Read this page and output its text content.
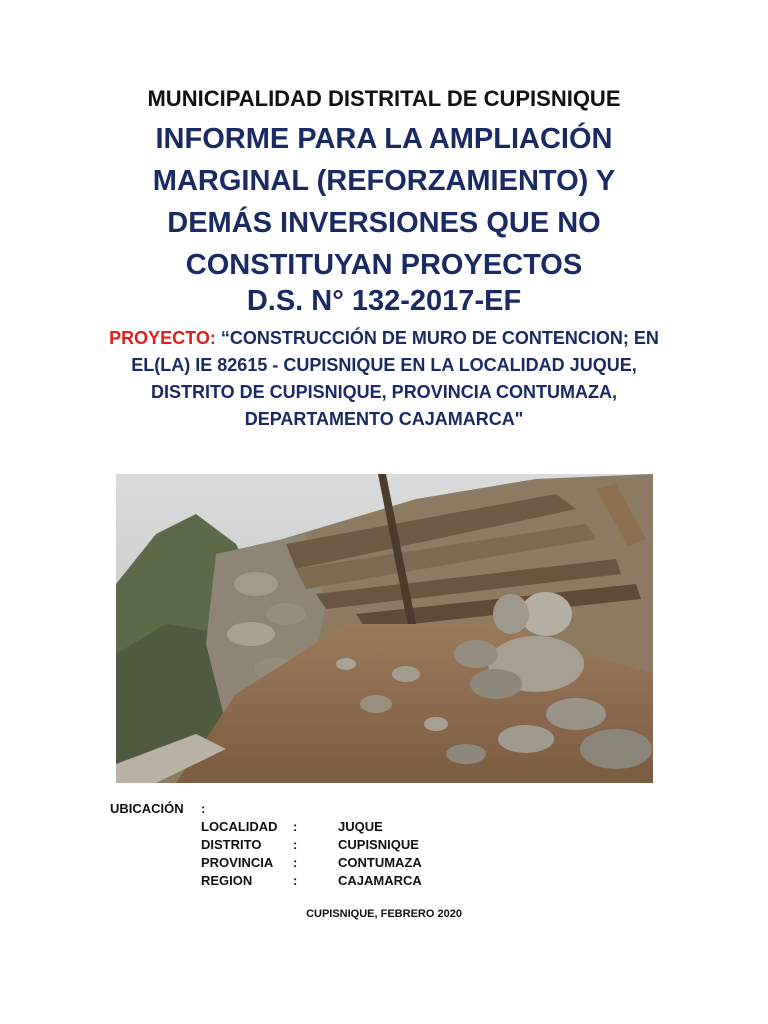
MUNICIPALIDAD DISTRITAL DE CUPISNIQUE
INFORME PARA LA AMPLIACIÓN
MARGINAL (REFORZAMIENTO) Y
DEMÁS INVERSIONES QUE NO
CONSTITUYAN PROYECTOS
D.S. N° 132-2017-EF
PROYECTO: “CONSTRUCCIÓN DE MURO DE CONTENCION; EN EL(LA) IE 82615 - CUPISNIQUE EN LA LOCALIDAD JUQUE, DISTRITO DE CUPISNIQUE, PROVINCIA CONTUMAZA, DEPARTAMENTO CAJAMARCA"
UBICACIÓN :
LOCALIDAD :	JUQUE
DISTRITO :	CUPISNIQUE
PROVINCIA :	CONTUMAZA
REGION	:	CAJAMARCA
CUPISNIQUE, FEBRERO 2020
